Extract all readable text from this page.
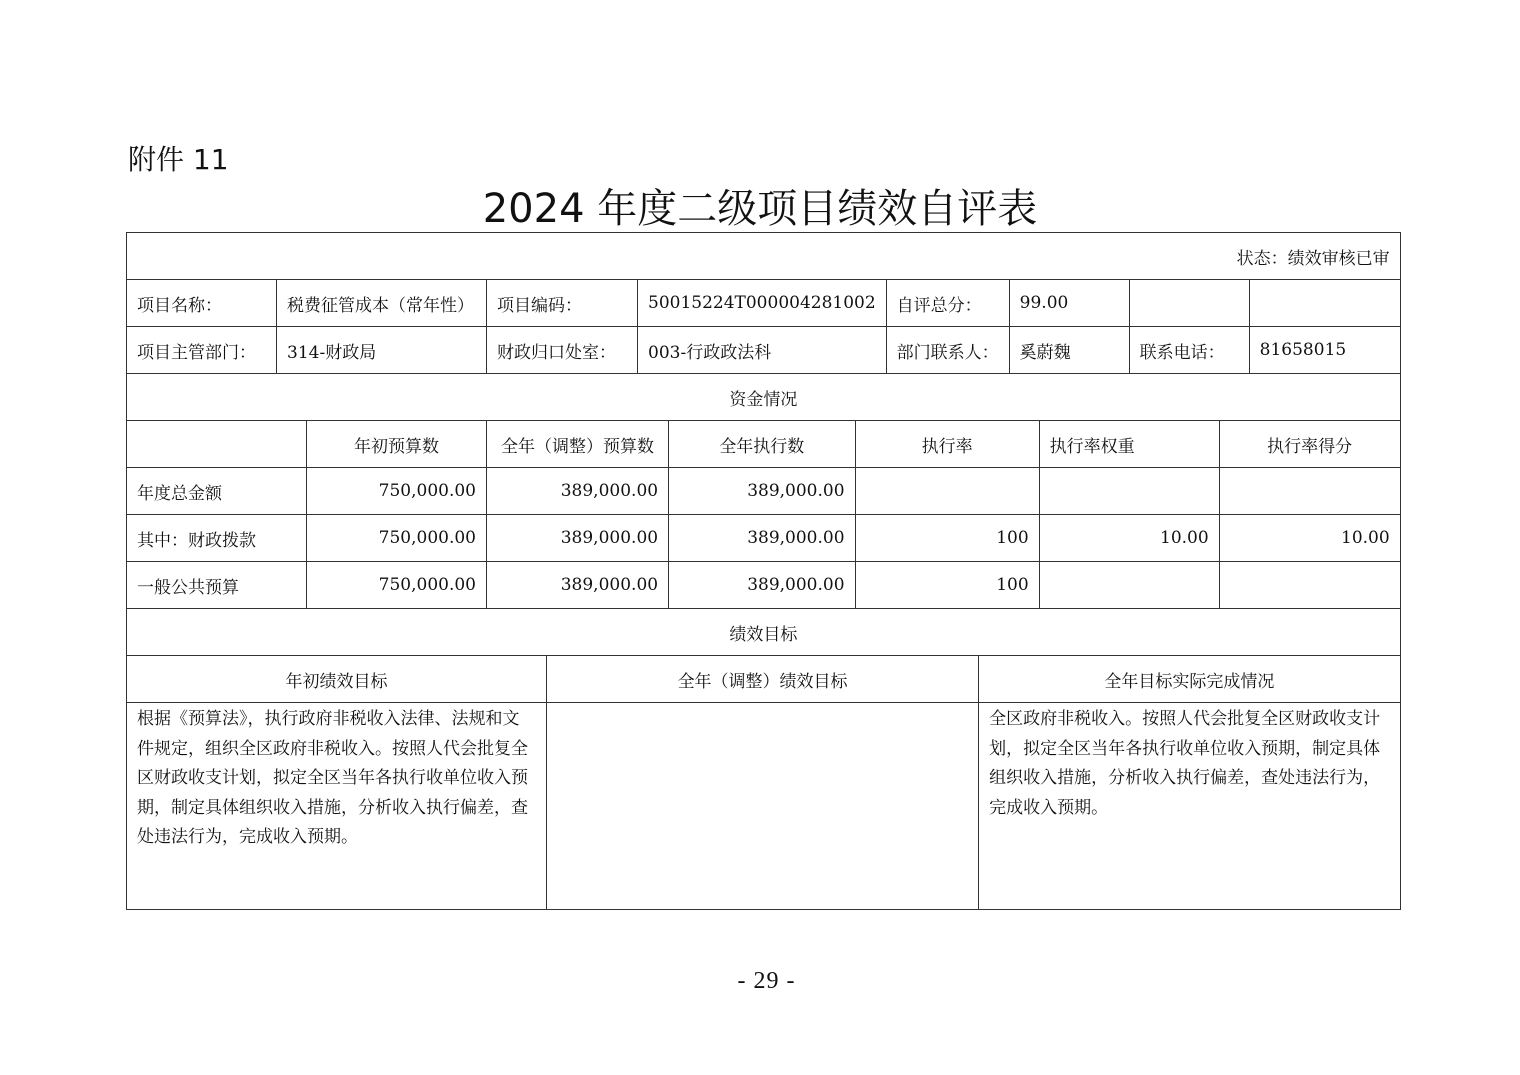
附件 11
2024 年度二级项目绩效自评表
状态：绩效审核已审														
项目名称：	税费征管成本（常年性）		项目编码：		50015224T000004281002			自评总分：		99.00				
项目主管部门：	314-财政局		财政归口处室：		003-行政政法科			部门联系人：		奚蔚魏		联系电话：		81658015
资金情况														
		年初预算数	全年（调整）预算数			全年执行数	执行率				执行率权重		执行率得分	
年度总金额		750,000.00	389,000.00			389,000.00								
其中：财政拨款		750,000.00	389,000.00			389,000.00	100				10.00		10.00	
一般公共预算		750,000.00	389,000.00			389,000.00	100							
绩效目标														
年初绩效目标				全年（调整）绩效目标					全年目标实际完成情况					
根据《预算法》，执行政府非税收入法律、法规和文件规定，组织全区政府非税收入。按照人代会批复全区财政收支计划，拟定全区当年各执行收单位收入预期，制定具体组织收入措施，分析收入执行偏差，查处违法行为，完成收入预期。									全区政府非税收入。按照人代会批复全区财政收支计划，拟定全区当年各执行收单位收入预期，制定具体组织收入措施，分析收入执行偏差，查处违法行为，完成收入预期。					
- 29 -
